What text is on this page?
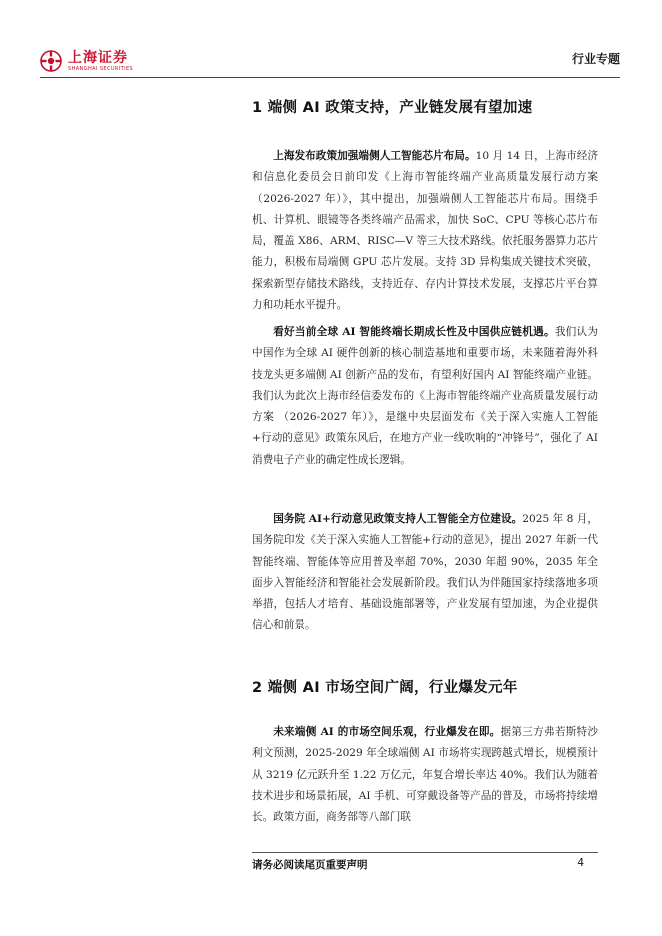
上海证券
SHANGHAI SECURITIES
行业专题
1 端侧 AI 政策支持，产业链发展有望加速
上海发布政策加强端侧人工智能芯片布局。10 月 14 日，上海市经济和信息化委员会日前印发《上海市智能终端产业高质量发展行动方案 （2026-2027 年）》，其中提出，加强端侧人工智能芯片布局。围绕手机、计算机、眼镜等各类终端产品需求，加快 SoC、CPU 等核心芯片布局，覆盖 X86、ARM、RISC—V 等三大技术路线。依托服务器算力芯片能力，积极布局端侧 GPU 芯片发展。支持 3D 异构集成关键技术突破，探索新型存储技术路线，支持近存、存内计算技术发展，支撑芯片平台算力和功耗水平提升。
看好当前全球 AI 智能终端长期成长性及中国供应链机遇。我们认为中国作为全球 AI 硬件创新的核心制造基地和重要市场，未来随着海外科技龙头更多端侧 AI 创新产品的发布，有望利好国内 AI 智能终端产业链。我们认为此次上海市经信委发布的《上海市智能终端产业高质量发展行动方案 （2026-2027 年）》，是继中央层面发布《关于深入实施人工智能+行动的意见》政策东风后，在地方产业一线吹响的“冲锋号”，强化了 AI 消费电子产业的确定性成长逻辑。
国务院 AI+行动意见政策支持人工智能全方位建设。2025 年 8 月，国务院印发《关于深入实施人工智能+行动的意见》，提出 2027 年新一代智能终端、智能体等应用普及率超 70%，2030 年超 90%，2035 年全面步入智能经济和智能社会发展新阶段。我们认为伴随国家持续落地多项举措，包括人才培育、基础设施部署等，产业发展有望加速，为企业提供信心和前景。
2 端侧 AI 市场空间广阔，行业爆发元年
未来端侧 AI 的市场空间乐观，行业爆发在即。据第三方弗若斯特沙利文预测，2025-2029 年全球端侧 AI 市场将实现跨越式增长，规模预计从 3219 亿元跃升至 1.22 万亿元，年复合增长率达 40%。我们认为随着技术进步和场景拓展，AI 手机、可穿戴设备等产品的普及，市场将持续增长。政策方面，商务部等八部门联
请务必阅读尾页重要声明	4
